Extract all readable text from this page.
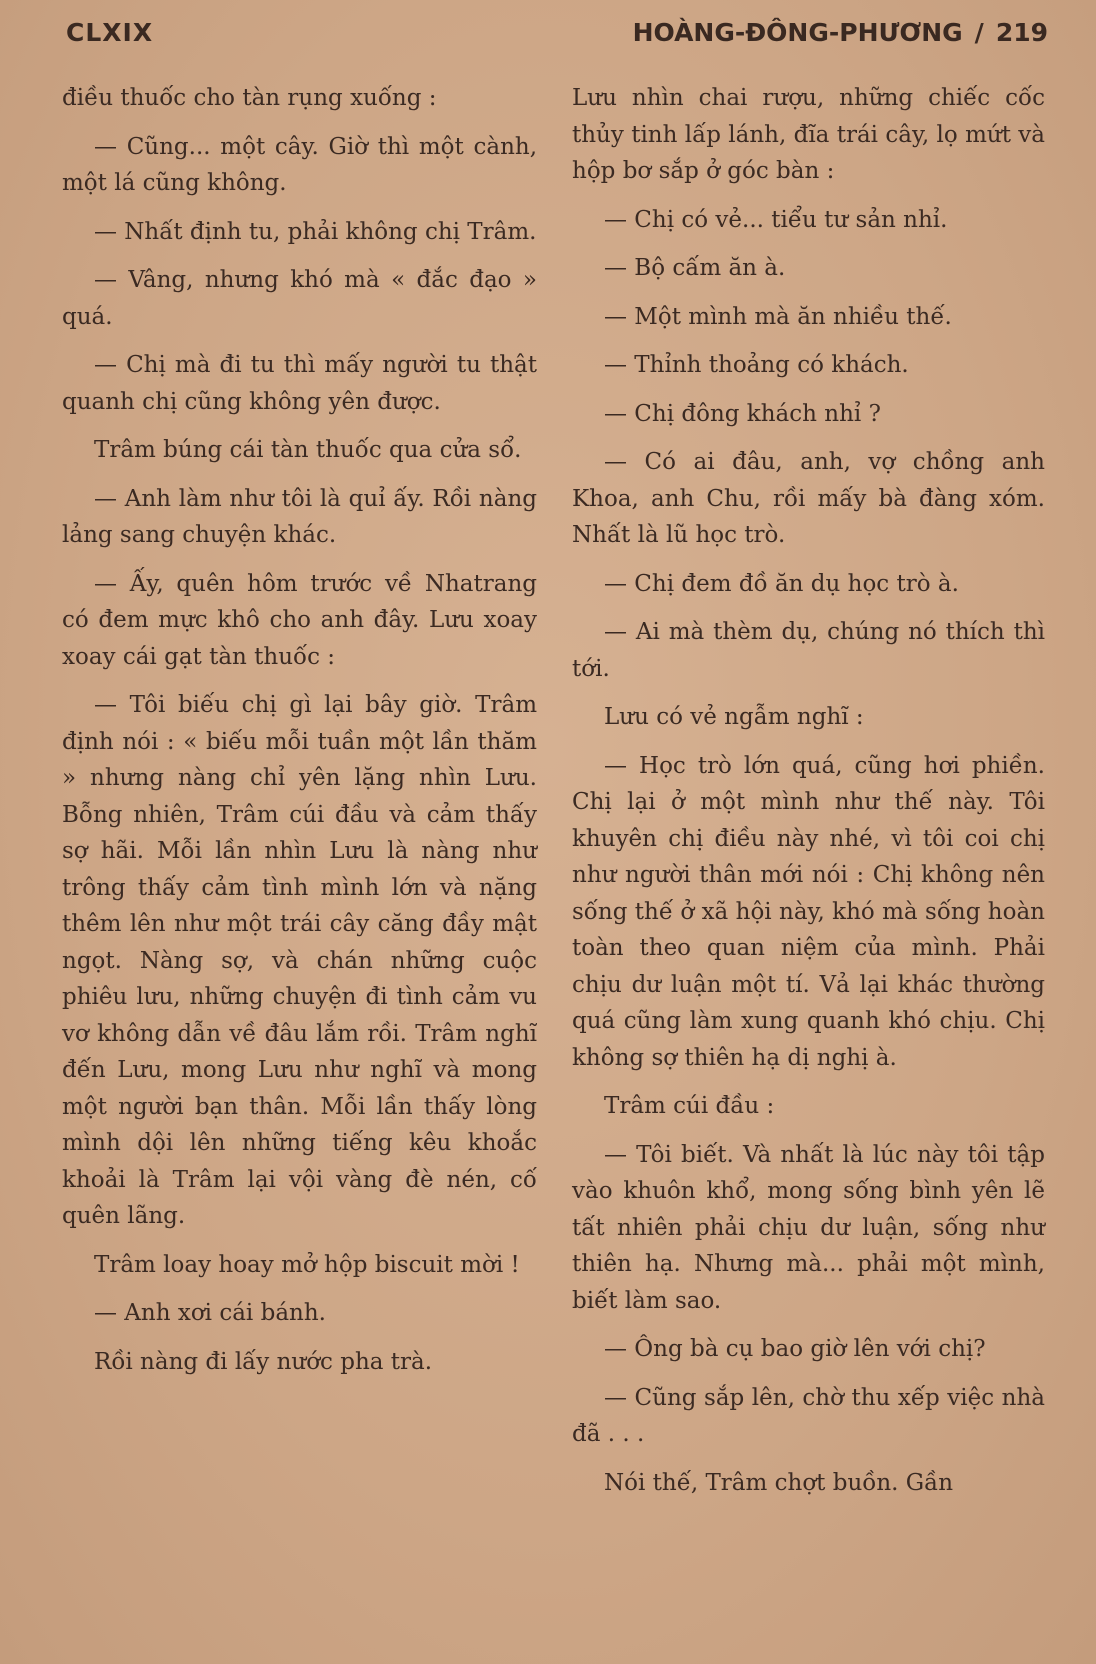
CLXIX	HOÀNG-ĐÔNG-PHƯƠNG / 219

điều thuốc cho tàn rụng xuống :

— Cũng... một cây. Giờ thì một cành, một lá cũng không.

— Nhất định tu, phải không chị Trâm.

— Vâng, nhưng khó mà « đắc đạo » quá.

— Chị mà đi tu thì mấy người tu thật quanh chị cũng không yên được.

Trâm búng cái tàn thuốc qua cửa sổ.

— Anh làm như tôi là quỉ ấy. Rồi nàng lảng sang chuyện khác.

— Ấy, quên hôm trước về Nhatrang có đem mực khô cho anh đây. Lưu xoay xoay cái gạt tàn thuốc :

— Tôi biếu chị gì lại bây giờ. Trâm định nói : « biếu mỗi tuần một lần thăm » nhưng nàng chỉ yên lặng nhìn Lưu. Bỗng nhiên, Trâm cúi đầu và cảm thấy sợ hãi. Mỗi lần nhìn Lưu là nàng như trông thấy cảm tình mình lớn và nặng thêm lên như một trái cây căng đầy mật ngọt. Nàng sợ, và chán những cuộc phiêu lưu, những chuyện đi tình cảm vu vơ không dẫn về đâu lắm rồi. Trâm nghĩ đến Lưu, mong Lưu như nghĩ và mong một người bạn thân. Mỗi lần thấy lòng mình dội lên những tiếng kêu khoắc khoải là Trâm lại vội vàng đè nén, cố quên lãng.

Trâm loay hoay mở hộp biscuit mời !

— Anh xơi cái bánh.

Rồi nàng đi lấy nước pha trà.

Lưu nhìn chai rượu, những chiếc cốc thủy tinh lấp lánh, đĩa trái cây, lọ mứt và hộp bơ sắp ở góc bàn :

— Chị có vẻ... tiểu tư sản nhỉ.

— Bộ cấm ăn à.

— Một mình mà ăn nhiều thế.

— Thỉnh thoảng có khách.

— Chị đông khách nhỉ ?

— Có ai đâu, anh, vợ chồng anh Khoa, anh Chu, rồi mấy bà đàng xóm. Nhất là lũ học trò.

— Chị đem đồ ăn dụ học trò à.

— Ai mà thèm dụ, chúng nó thích thì tới.

Lưu có vẻ ngẫm nghĩ :

— Học trò lớn quá, cũng hơi phiền. Chị lại ở một mình như thế này. Tôi khuyên chị điều này nhé, vì tôi coi chị như người thân mới nói : Chị không nên sống thế ở xã hội này, khó mà sống hoàn toàn theo quan niệm của mình. Phải chịu dư luận một tí. Vả lại khác thường quá cũng làm xung quanh khó chịu. Chị không sợ thiên hạ dị nghị à.

Trâm cúi đầu :

— Tôi biết. Và nhất là lúc này tôi tập vào khuôn khổ, mong sống bình yên lẽ tất nhiên phải chịu dư luận, sống như thiên hạ. Nhưng mà... phải một mình, biết làm sao.

— Ông bà cụ bao giờ lên với chị?

— Cũng sắp lên, chờ thu xếp việc nhà đã . . .

Nói thế, Trâm chợt buồn. Gần
